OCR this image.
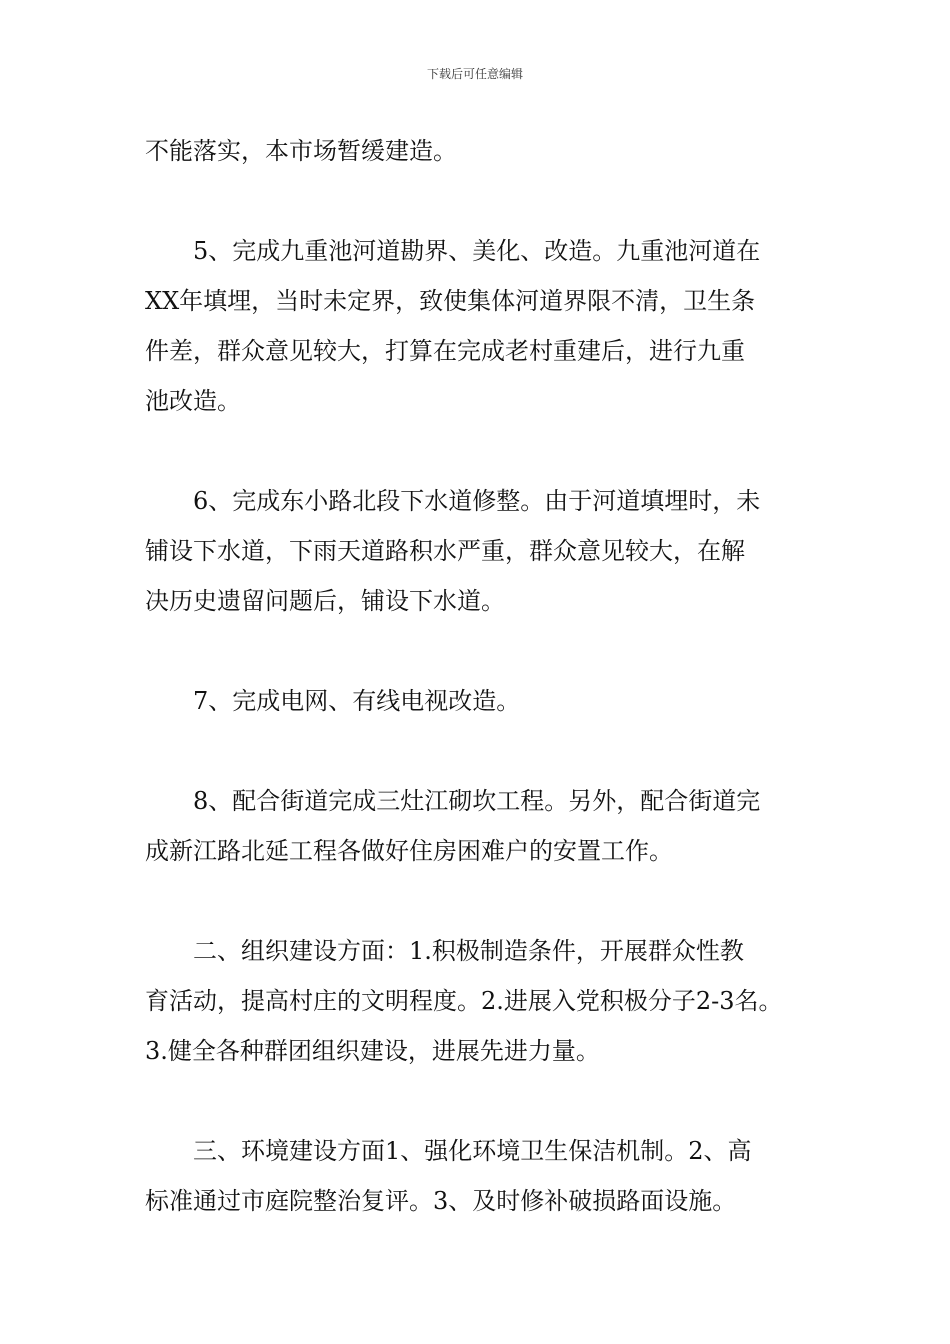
下载后可任意编辑
不能落实，本市场暂缓建造。
5、完成九重池河道勘界、美化、改造。九重池河道在
XX年填埋，当时未定界，致使集体河道界限不清，卫生条
件差，群众意见较大，打算在完成老村重建后，进行九重
池改造。
6、完成东小路北段下水道修整。由于河道填埋时，未
铺设下水道，下雨天道路积水严重，群众意见较大，在解
决历史遗留问题后，铺设下水道。
7、完成电网、有线电视改造。
8、配合街道完成三灶江砌坎工程。另外，配合街道完
成新江路北延工程各做好住房困难户的安置工作。
二、组织建设方面：1.积极制造条件，开展群众性教
育活动，提高村庄的文明程度。2.进展入党积极分子2-3名。
3.健全各种群团组织建设，进展先进力量。
三、环境建设方面1、强化环境卫生保洁机制。2、高
标准通过市庭院整治复评。3、及时修补破损路面设施。
